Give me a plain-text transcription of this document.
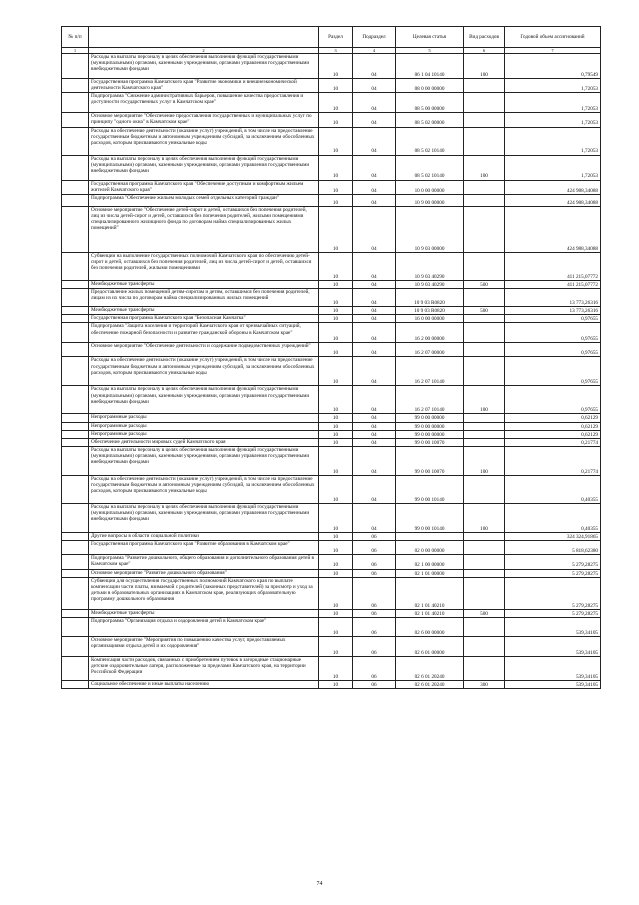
№ п/п		Раздел	Подраздел	Целевая статья	Вид расходов	Годовой объем ассигнований
1	2	3	4	5	6	7
	Расходы на выплаты персоналу в целях обеспечения выполнения функций государственными (муниципальными) органами, казенными учреждениями, органами управления государственными внебюджетными фондами	10	04	06 1 04 10140	100	0,79549
	Государственная программа Камчатского края "Развитие экономики и внешнеэкономической деятельности Камчатского края"	10	04	08 0 00 00000		1,72053
	Подпрограмма "Снижение административных барьеров, повышение качества предоставления и доступности государственных услуг в Камчатском крае"	10	04	08 5 00 00000		1,72053
	Основное мероприятие "Обеспечение предоставления государственных и муниципальных услуг по принципу "одного окна" в Камчатском крае"	10	04	08 5 02 00000		1,72053
	Расходы на обеспечение деятельности (оказание услуг) учреждений, в том числе на предоставление государственным бюджетным и автономным учреждениям субсидий, за исключением обособленных расходов, которым присваиваются уникальные коды	10	04	08 5 02 10140		1,72053
	Расходы на выплаты персоналу в целях обеспечения выполнения функций государственными (муниципальными) органами, казенными учреждениями, органами управления государственными внебюджетными фондами	10	04	08 5 02 10140	100	1,72053
	Государственная программа Камчатского края "Обеспечение доступным и комфортным жильем жителей Камчатского края"	10	04	10 0 00 00000		424 988,34088
	Подпрограмма "Обеспечение жильем молодых семей отдельных категорий граждан"	10	04	10 9 00 00000		424 988,34088
	Основное мероприятие "Обеспечение детей-сирот и детей, оставшихся без попечения родителей, лиц из числа детей-сирот и детей, оставшихся без попечения родителей, жилыми помещениями специализированного жилищного фонда по договорам найма специализированных жилых помещений"	10	04	10 9 03 00000		424 988,34088
	Субвенции на выполнение государственных полномочий Камчатского края по обеспечению детей-сирот и детей, оставшихся без попечения родителей, лиц из числа детей-сирот и детей, оставшихся без попечения родителей, жилыми помещениями	10	04	10 9 03 40290		411 215,07772
	Межбюджетные трансферты	10	04	10 9 03 40290	500	411 215,07772
	Предоставление жилых помещений детям-сиротам и детям, оставшимся без попечения родителей, лицам из их числа по договорам найма специализированных жилых помещений	10	04	10 9 03 R0820		13 773,26316
	Межбюджетные трансферты	10	04	10 9 03 R0820	500	13 773,26316
	Государственная программа Камчатского края "Безопасная Камчатка"	10	04	16 0 00 00000		0,97655
	Подпрограмма "Защита населения и территорий Камчатского края от чрезвычайных ситуаций, обеспечение пожарной безопасности и развитие гражданской обороны в Камчатском крае"	10	04	16 2 00 00000		0,97655
	Основное мероприятие "Обеспечение деятельности и содержание подведомственных учреждений"	10	04	16 2 07 00000		0,97655
	Расходы на обеспечение деятельности (оказание услуг) учреждений, в том числе на предоставление государственным бюджетным и автономным учреждениям субсидий, за исключением обособленных расходов, которым присваиваются уникальные коды	10	04	16 2 07 10140		0,97655
	Расходы на выплаты персоналу в целях обеспечения выполнения функций государственными (муниципальными) органами, казенными учреждениями, органами управления государственными внебюджетными фондами	10	04	16 2 07 10140	100	0,97655
	Непрограммные расходы	10	04	99 0 00 00000		0,62129
	Непрограммные расходы	10	04	99 0 00 00000		0,62129
	Непрограммные расходы	10	04	99 0 00 00000		0,62129
	Обеспечение деятельности мировых судей Камчатского края	10	04	99 0 00 10070		0,21774
	Расходы на выплаты персоналу в целях обеспечения выполнения функций государственными (муниципальными) органами, казенными учреждениями, органами управления государственными внебюджетными фондами	10	04	99 0 00 10070	100	0,21774
	Расходы на обеспечение деятельности (оказание услуг) учреждений, в том числе на предоставление государственным бюджетным и автономным учреждениям субсидий, за исключением обособленных расходов, которым присваиваются уникальные коды	10	04	99 0 00 10140		0,40355
	Расходы на выплаты персоналу в целях обеспечения выполнения функций государственными (муниципальными) органами, казенными учреждениями, органами управления государственными внебюджетными фондами	10	04	99 0 00 10140	100	0,40355
	Другие вопросы в области социальной политики	10	06			324 324,91865
	Государственная программа Камчатского края "Развитие образования в Камчатском крае"	10	06	02 0 00 00000		5 818,62380
	Подпрограмма "Развитие дошкольного, общего образования и дополнительного образования детей в Камчатском крае"	10	06	02 1 00 00000		5 279,28275
	Основное мероприятие "Развитие дошкольного образования"	10	06	02 1 01 00000		5 279,28275
	Субвенции для осуществления государственных полномочий Камчатского края по выплате компенсации части платы, взимаемой с родителей (законных представителей) за присмотр и уход за детьми в образовательных организациях в Камчатском крае, реализующих образовательную программу дошкольного образования	10	06	02 1 01 40210		5 279,28275
	Межбюджетные трансферты	10	06	02 1 01 40210	500	5 279,28275
	Подпрограмма "Организация отдыха и оздоровления детей в Камчатском крае"	10	06	02 6 00 00000		539,34105
	Основное мероприятие "Мероприятия по повышению качества услуг, предоставляемых организациями отдыха детей и их оздоровления"	10	06	02 6 01 00000		539,34105
	Компенсация части расходов, связанных с приобретением путевок в загородные стационарные детские оздоровительные лагеря, расположенные за пределами Камчатского края, на территории Российской Федерации	10	06	02 6 01 20240		539,34105
	Социальное обеспечение и иные выплаты населению	10	06	02 6 01 20240	300	539,34105
74
